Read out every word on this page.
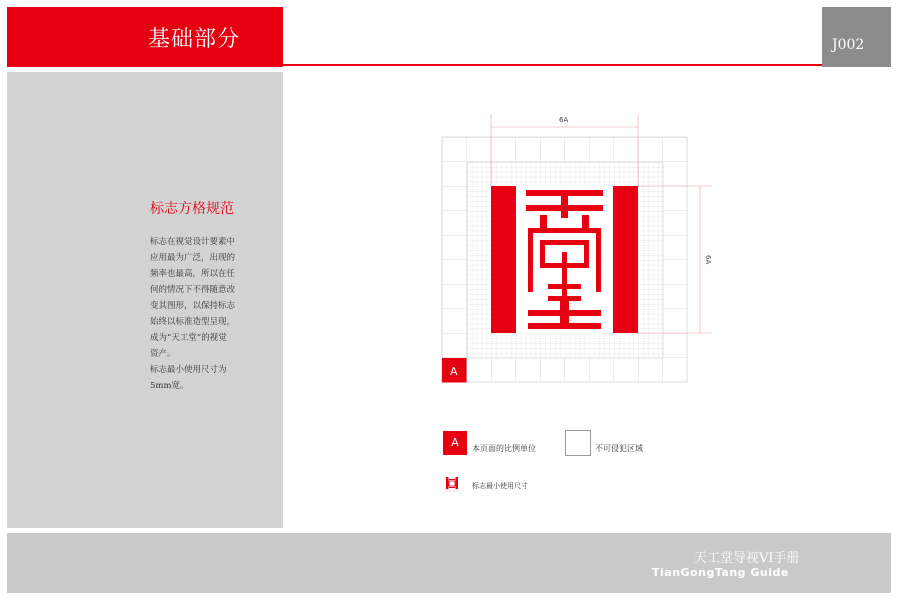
基础部分	J002
标志方格规范

标志在视觉设计要素中

应用最为广泛，出现的

频率也最高，所以在任

何的情况下不得随意改

变其图形，以保持标志

始终以标准造型呈现，

成为“天工堂”的视觉

资产。

标志最小使用尺寸为

5mm宽。

6A
6A
A
A	本页面的比例单位	不可侵犯区域
标志最小使用尺寸
天工堂导视VI手册
TianGongTang Guide
